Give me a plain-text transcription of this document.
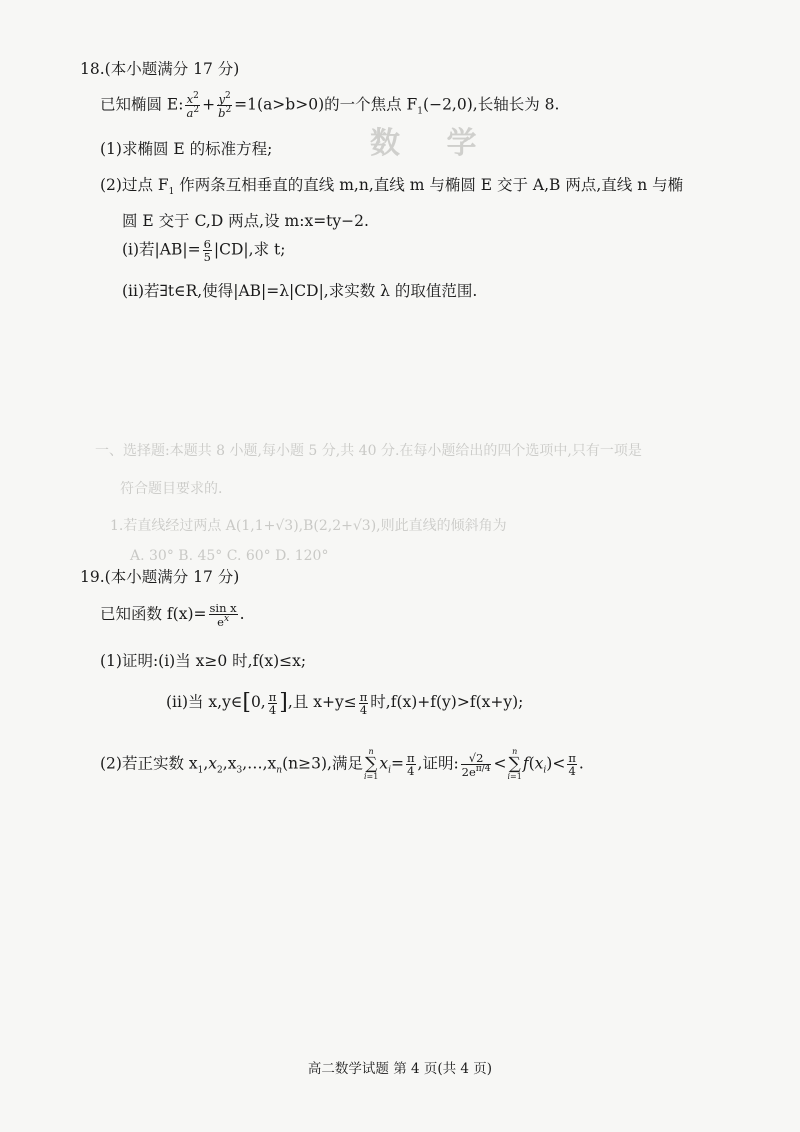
数 学
一、选择题:本题共 8 小题,每小题 5 分,共 40 分.在每小题给出的四个选项中,只有一项是
符合题目要求的.
1.若直线经过两点 A(1,1+√3),B(2,2+√3),则此直线的倾斜角为
A. 30° B. 45° C. 60° D. 120°
18.(本小题满分 17 分)
已知椭圆 E: $\frac{x^2}{a^2} + \frac{y^2}{b^2} =1(a>b>0)$的一个焦点 $F_1(-2,0)$,长轴长为 8.
(1)求椭圆 E 的标准方程;
(2)过点 $F_1$ 作两条互相垂直的直线 m,n,直线 m 与椭圆 E 交于 A,B 两点,直线 n 与椭
圆 E 交于 C,D 两点,设 m:x=ty−2.
(i)若$|AB|= \frac{6}{5} |CD|$,求 t;
(ii)若∃t∈R,使得|AB|=λ|CD|,求实数 λ 的取值范围.
19.(本小题满分 17 分)
已知函数 $f(x)= \frac{\text{sin x}}{e^x}$ .
(1)证明:(i)当 x≥0 时,f(x)≤x;
(ii)当 x,y∈[0, $\frac{\pi}{4}$ ],且 $x+y\le \frac{\pi}{4}$ 时,f(x)+f(y)>f(x+y);
(2)若正实数 $x_1,x_2,x_3,\dots,x_n(n\ge 3)$,满足n
∑
$i=1x_i= \frac{\pi}{4}$ ,证明: $\frac{√2}{2e^{\pi/4}} <n$
∑
$i=1f(x_i)< \frac{\pi}{4}$ .
高二数学试题 第 4 页(共 4 页)
